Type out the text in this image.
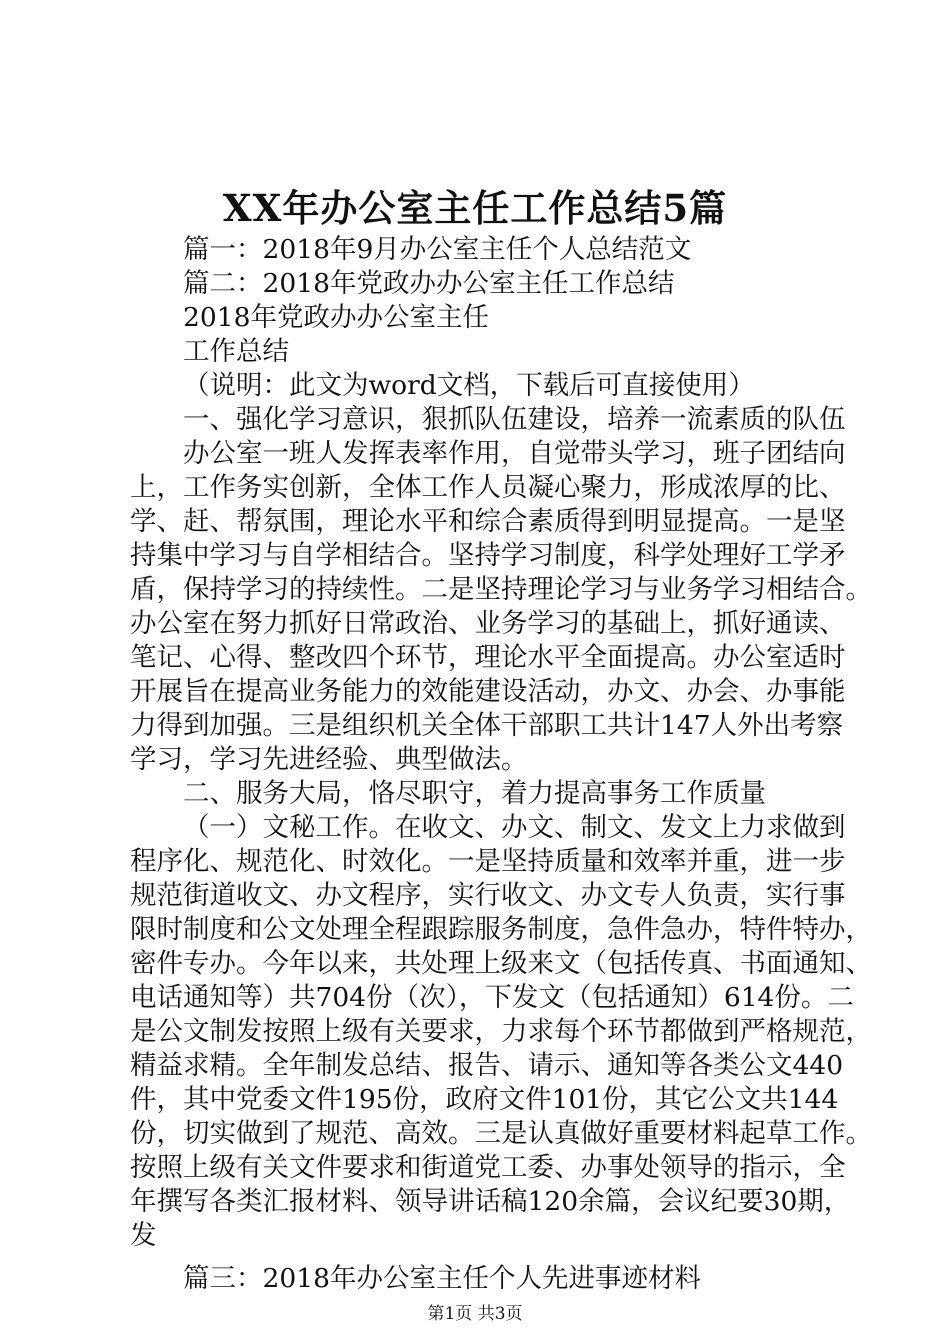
XX年办公室主任工作总结5篇
篇一：2018年9月办公室主任个人总结范文
篇二：2018年党政办办公室主任工作总结
2018年党政办办公室主任
工作总结
（说明：此文为word文档，下载后可直接使用）
一、强化学习意识，狠抓队伍建设，培养一流素质的队伍
办公室一班人发挥表率作用，自觉带头学习，班子团结向
上，工作务实创新，全体工作人员凝心聚力，形成浓厚的比、
学、赶、帮氛围，理论水平和综合素质得到明显提高。一是坚
持集中学习与自学相结合。坚持学习制度，科学处理好工学矛
盾，保持学习的持续性。二是坚持理论学习与业务学习相结合。
办公室在努力抓好日常政治、业务学习的基础上，抓好通读、
笔记、心得、整改四个环节，理论水平全面提高。办公室适时
开展旨在提高业务能力的效能建设活动，办文、办会、办事能
力得到加强。三是组织机关全体干部职工共计147人外出考察
学习，学习先进经验、典型做法。
二、服务大局，恪尽职守，着力提高事务工作质量
（一）文秘工作。在收文、办文、制文、发文上力求做到
程序化、规范化、时效化。一是坚持质量和效率并重，进一步
规范街道收文、办文程序，实行收文、办文专人负责，实行事
限时制度和公文处理全程跟踪服务制度，急件急办，特件特办，
密件专办。今年以来，共处理上级来文（包括传真、书面通知、
电话通知等）共704份（次），下发文（包括通知）614份。二
是公文制发按照上级有关要求，力求每个环节都做到严格规范，
精益求精。全年制发总结、报告、请示、通知等各类公文440
件，其中党委文件195份，政府文件101份，其它公文共144
份，切实做到了规范、高效。三是认真做好重要材料起草工作。
按照上级有关文件要求和街道党工委、办事处领导的指示，全
年撰写各类汇报材料、领导讲话稿120余篇，会议纪要30期，
发
篇三：2018年办公室主任个人先进事迹材料
第1页 共3页
